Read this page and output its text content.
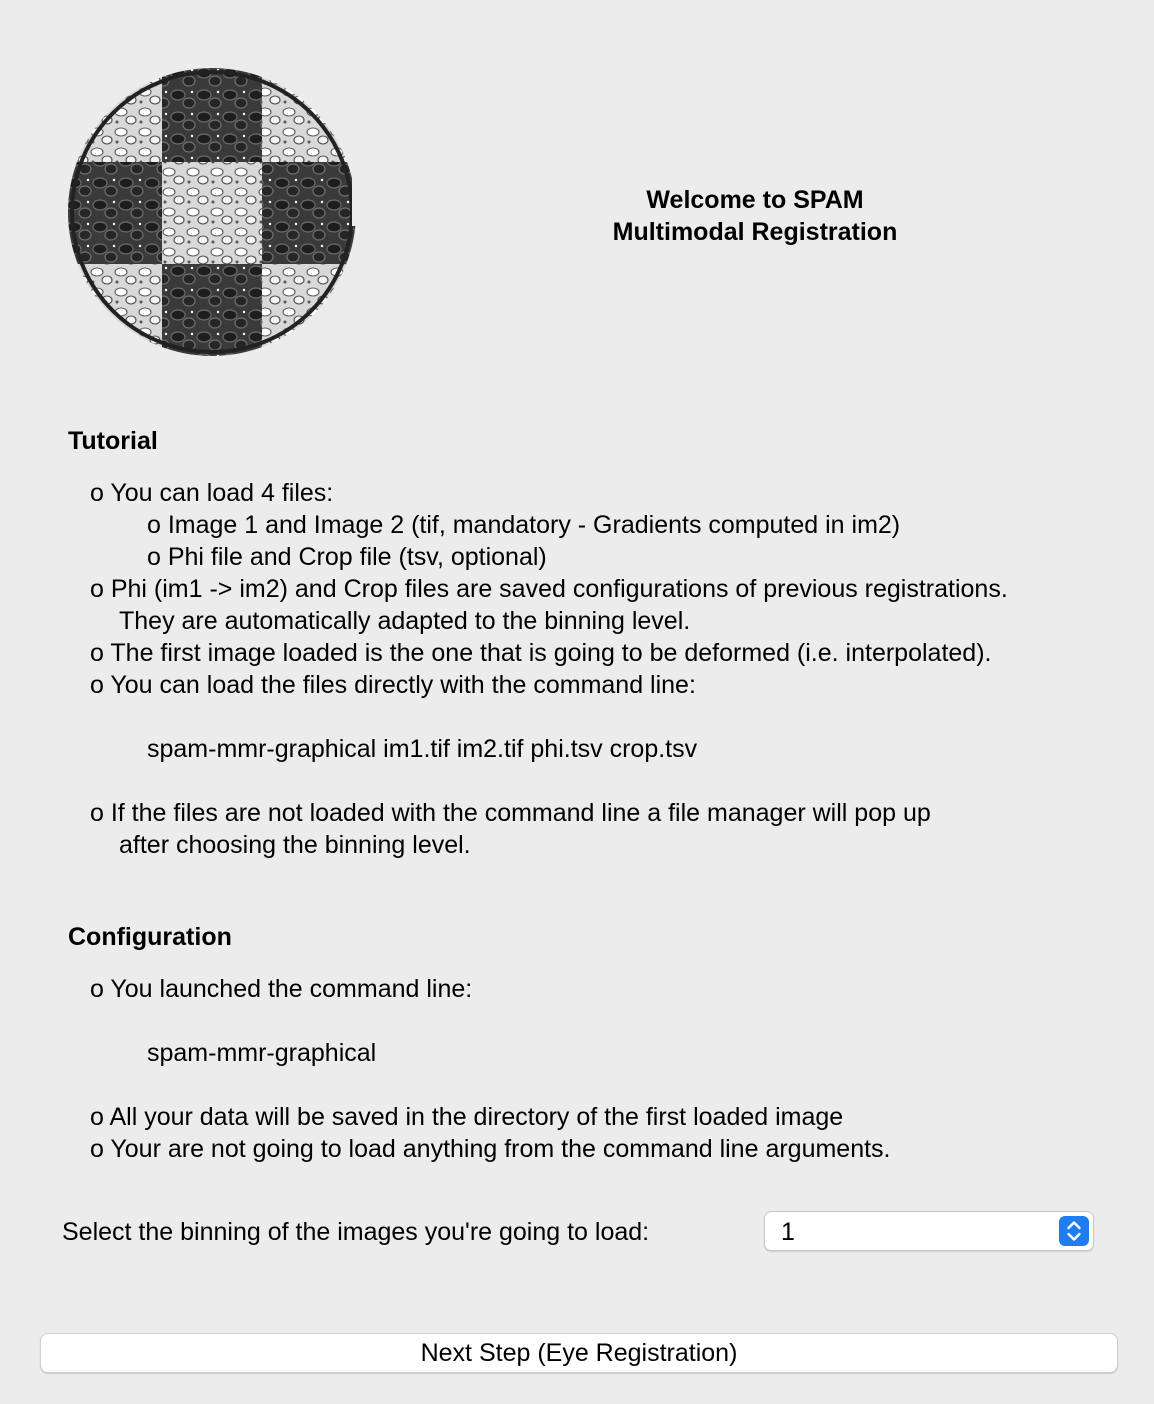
Welcome to SPAM
Multimodal Registration
Tutorial
o You can load 4 files:
o Image 1 and Image 2 (tif, mandatory - Gradients computed in im2)
o Phi file and Crop file (tsv, optional)
o Phi (im1 -> im2) and Crop files are saved configurations of previous registrations.
They are automatically adapted to the binning level.
o The first image loaded is the one that is going to be deformed (i.e. interpolated).
o You can load the files directly with the command line:
spam-mmr-graphical im1.tif im2.tif phi.tsv crop.tsv
o If the files are not loaded with the command line a file manager will pop up
after choosing the binning level.
Configuration
o You launched the command line:
spam-mmr-graphical
o All your data will be saved in the directory of the first loaded image
o Your are not going to load anything from the command line arguments.
Select the binning of the images you're going to load:	1
Next Step (Eye Registration)
